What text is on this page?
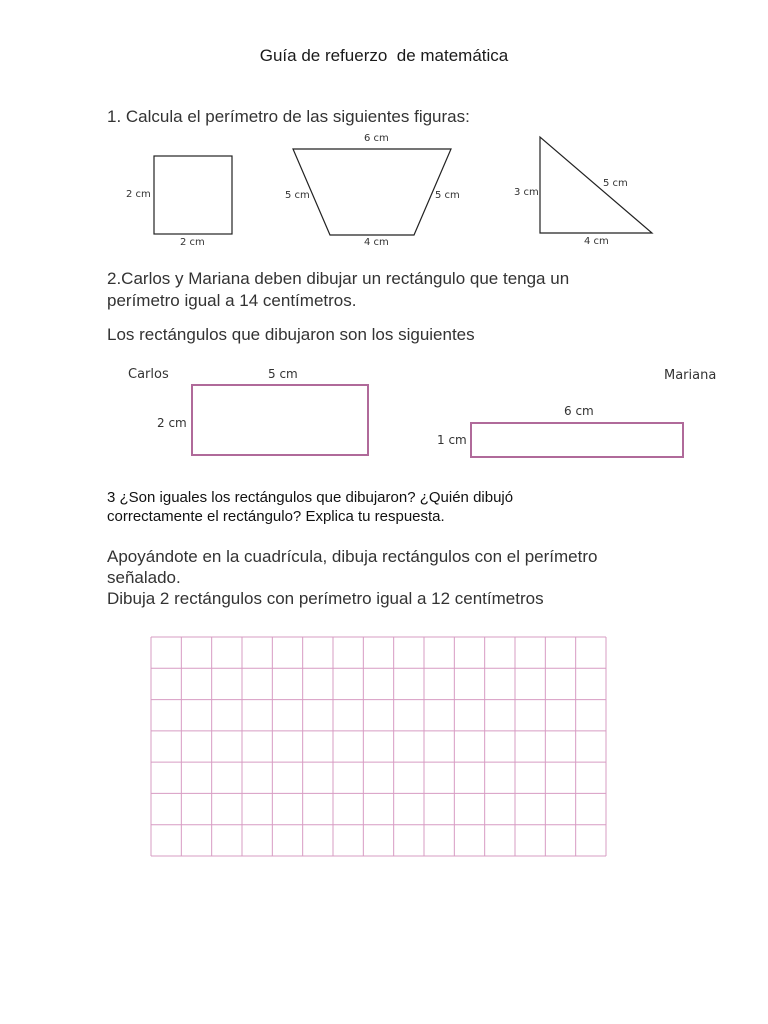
Guía de refuerzo  de matemática
1. Calcula el perímetro de las siguientes figuras:
2 cm
2 cm
6 cm
5 cm	5 cm
4 cm
3 cm
5 cm
4 cm
2.Carlos y Mariana deben dibujar un rectángulo que tenga un
perímetro igual a 14 centímetros.
Los rectángulos que dibujaron son los siguientes
Carlos	5 cm
2 cm
Mariana
6 cm
1 cm
3 ¿Son iguales los rectángulos que dibujaron? ¿Quién dibujó
correctamente el rectángulo? Explica tu respuesta.
Apoyándote en la cuadrícula, dibuja rectángulos con el perímetro
señalado.
Dibuja 2 rectángulos con perímetro igual a 12 centímetros
